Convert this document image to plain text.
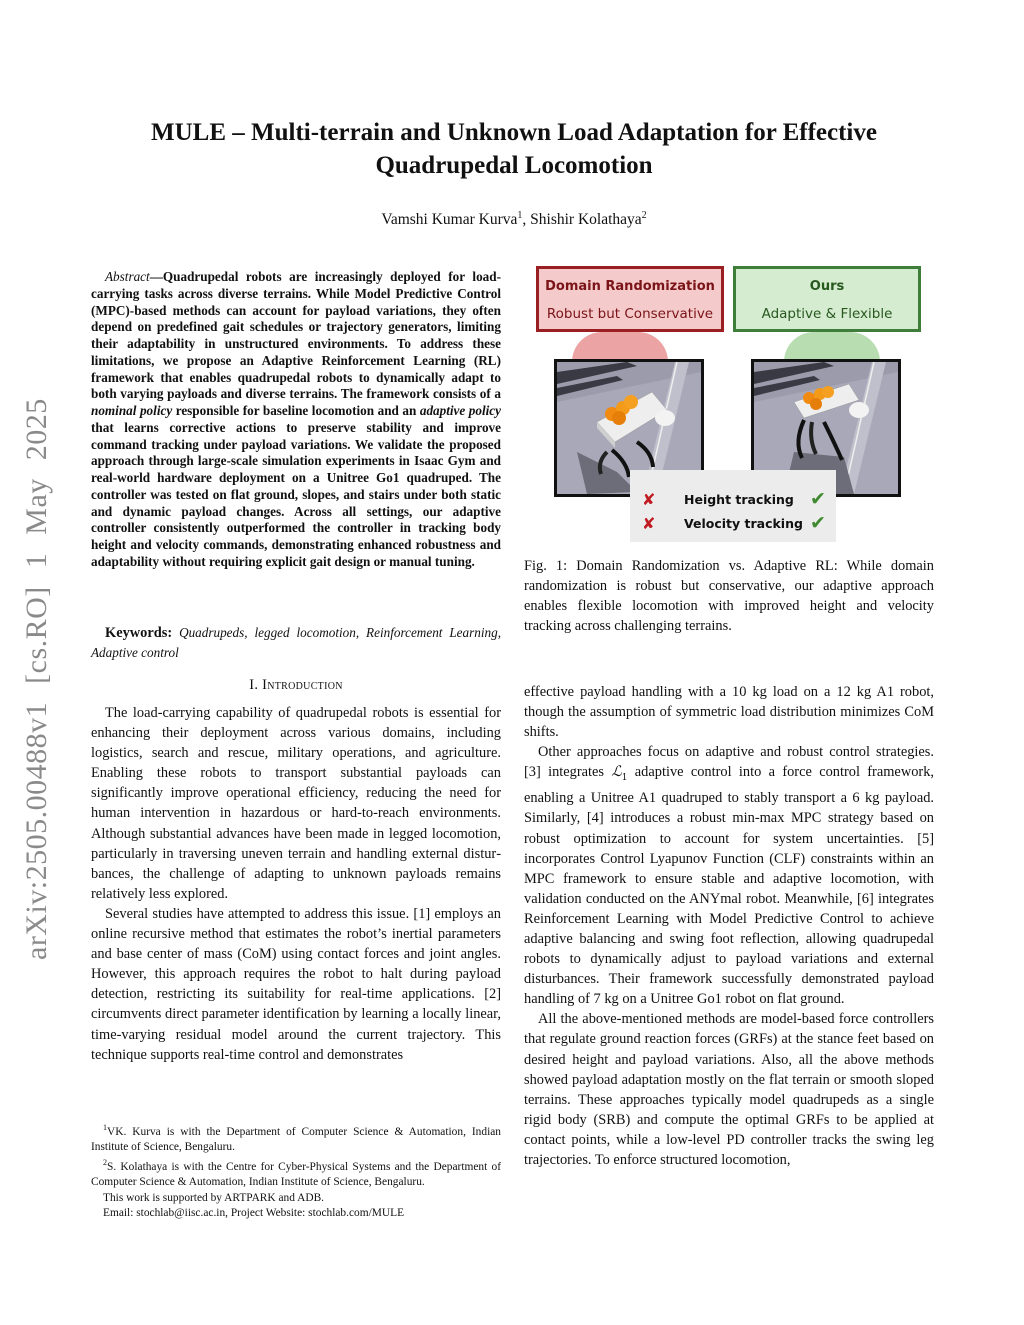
arXiv:2505.00488v1 [cs.RO] 1 May 2025
MULE – Multi-terrain and Unknown Load Adaptation for Effective Quadrupedal Locomotion
Vamshi Kumar Kurva$^1$, Shishir Kolathaya$^2$

Abstract—Quadrupedal robots are increasingly deployed for load-carrying tasks across diverse terrains. While Model Predictive Control (MPC)-based methods can account for payload variations, they often depend on predefined gait schedules or trajectory generators, limiting their adaptability in unstructured environments. To address these limitations, we propose an Adaptive Reinforcement Learning (RL) framework that enables quadrupedal robots to dynamically adapt to both varying payloads and diverse terrains. The framework consists of a nominal policy responsible for baseline locomotion and an adaptive policy that learns corrective actions to preserve stability and improve command tracking under payload variations. We validate the proposed approach through large-scale simulation experiments in Isaac Gym and real-world hardware deployment on a Unitree Go1 quadruped. The controller was tested on flat ground, slopes, and stairs under both static and dynamic payload changes. Across all settings, our adaptive controller consistently outperformed the controller in tracking body height and velocity commands, demonstrating enhanced robustness and adaptability without requiring explicit gait design or manual tuning.

Keywords: Quadrupeds, legged locomotion, Reinforcement Learning, Adaptive control
I. Introduction

The load-carrying capability of quadrupedal robots is essential for enhancing their deployment across various domains, including logistics, search and rescue, military operations, and agriculture. Enabling these robots to transport substantial payloads can significantly improve operational efficiency, reducing the need for human intervention in hazardous or hard-to-reach environments. Although substantial advances have been made in legged locomotion, particularly in traversing uneven terrain and handling external disturbances, the challenge of adapting to unknown payloads remains relatively less explored.

Several studies have attempted to address this issue. [1] employs an online recursive method that estimates the robot’s inertial parameters and base center of mass (CoM) using contact forces and joint angles. However, this approach requires the robot to halt during payload detection, restricting its suitability for real-time applications. [2] circumvents direct parameter identification by learning a locally linear, time-varying residual model around the current trajectory. This technique supports real-time control and demonstrates

$^1$VK. Kurva is with the Department of Computer Science & Automation, Indian Institute of Science, Bengaluru.

$^2$S. Kolathaya is with the Centre for Cyber-Physical Systems and the Department of Computer Science & Automation, Indian Institute of Science, Bengaluru.

This work is supported by ARTPARK and ADB.

Email: stochlab@iisc.ac.in, Project Website: stochlab.com/MULE

Domain Randomization
Robust but Conservative
Ours
Adaptive & Flexible
✘ Height tracking ✔
✘ Velocity tracking ✔
Fig. 1: Domain Randomization vs. Adaptive RL: While domain randomization is robust but conservative, our adaptive approach enables flexible locomotion with improved height and velocity tracking across challenging terrains.

effective payload handling with a 10 kg load on a 12 kg A1 robot, though the assumption of symmetric load distribution minimizes CoM shifts.

Other approaches focus on adaptive and robust control strategies. [3] integrates ℒ$_1$ adaptive control into a force control framework, enabling a Unitree A1 quadruped to stably transport a 6 kg payload. Similarly, [4] introduces a robust min-max MPC strategy based on robust optimization to account for system uncertainties. [5] incorporates Control Lyapunov Function (CLF) constraints within an MPC framework to ensure stable and adaptive locomotion, with validation conducted on the ANYmal robot. Meanwhile, [6] integrates Reinforcement Learning with Model Predictive Control to achieve adaptive balancing and swing foot reflection, allowing quadrupedal robots to dynamically adjust to payload variations and external disturbances. Their framework successfully demonstrated payload handling of 7 kg on a Unitree Go1 robot on flat ground.

All the above-mentioned methods are model-based force controllers that regulate ground reaction forces (GRFs) at the stance feet based on desired height and payload variations. Also, all the above methods showed payload adaptation mostly on the flat terrain or smooth sloped terrains. These approaches typically model quadrupeds as a single rigid body (SRB) and compute the optimal GRFs to be applied at contact points, while a low-level PD controller tracks the swing leg trajectories. To enforce structured locomotion,
